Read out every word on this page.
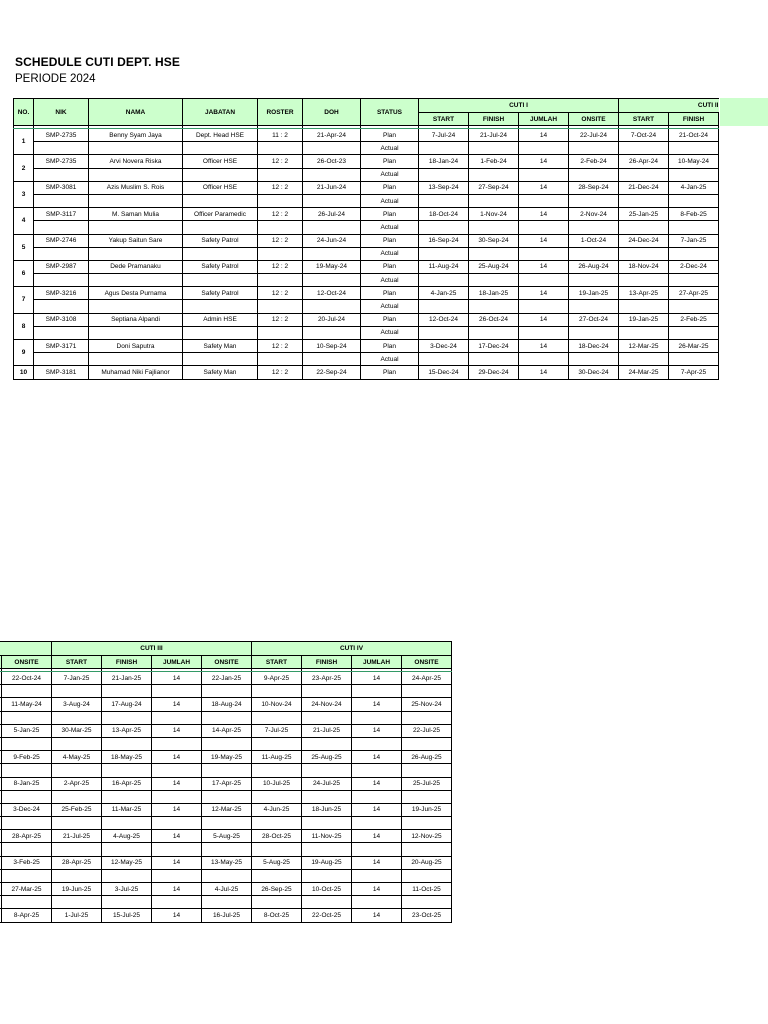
SCHEDULE CUTI DEPT. HSE
PERIODE 2024
NO.	NIK	NAMA	JABATAN	ROSTER	DOH	STATUS	CUTI I				CUTI II	
							START	FINISH	JUMLAH	ONSITE	START	FINISH

1	SMP-2735	Benny Syam Jaya	Dept. Head HSE	11 : 2	21-Apr-24	Plan	7-Jul-24	21-Jul-24	14	22-Jul-24	7-Oct-24	21-Oct-24
						Actual						
2	SMP-2735	Arvi Novera Riska	Officer HSE	12 : 2	26-Oct-23	Plan	18-Jan-24	1-Feb-24	14	2-Feb-24	26-Apr-24	10-May-24
						Actual						
3	SMP-3081	Azis Muslim S. Rois	Officer HSE	12 : 2	21-Jun-24	Plan	13-Sep-24	27-Sep-24	14	28-Sep-24	21-Dec-24	4-Jan-25
						Actual						
4	SMP-3117	M. Saman Mulia	Officer Paramedic	12 : 2	26-Jul-24	Plan	18-Oct-24	1-Nov-24	14	2-Nov-24	25-Jan-25	8-Feb-25
						Actual						
5	SMP-2746	Yakup Saitun Sare	Safety Patrol	12 : 2	24-Jun-24	Plan	16-Sep-24	30-Sep-24	14	1-Oct-24	24-Dec-24	7-Jan-25
						Actual						
6	SMP-2987	Dede Pramanaku	Safety Patrol	12 : 2	19-May-24	Plan	11-Aug-24	25-Aug-24	14	26-Aug-24	18-Nov-24	2-Dec-24
						Actual						
7	SMP-3216	Agus Desta Purnama	Safety Patrol	12 : 2	12-Oct-24	Plan	4-Jan-25	18-Jan-25	14	19-Jan-25	13-Apr-25	27-Apr-25
						Actual						
8	SMP-3108	Septiana Alpandi	Admin HSE	12 : 2	20-Jul-24	Plan	12-Oct-24	26-Oct-24	14	27-Oct-24	19-Jan-25	2-Feb-25
						Actual						
9	SMP-3171	Doni Saputra	Safety Man	12 : 2	10-Sep-24	Plan	3-Dec-24	17-Dec-24	14	18-Dec-24	12-Mar-25	26-Mar-25
						Actual						
10	SMP-3181	Muhamad Niki Fajlianor	Safety Man	12 : 2	22-Sep-24	Plan	15-Dec-24	29-Dec-24	14	30-Dec-24	24-Mar-25	7-Apr-25
	CUTI III				CUTI IV			
	ONSITE	START	FINISH	JUMLAH	ONSITE	START	FINISH	JUMLAH	ONSITE

	22-Oct-24	7-Jan-25	21-Jan-25	14	22-Jan-25	9-Apr-25	23-Apr-25	14	24-Apr-25

	11-May-24	3-Aug-24	17-Aug-24	14	18-Aug-24	10-Nov-24	24-Nov-24	14	25-Nov-24

	5-Jan-25	30-Mar-25	13-Apr-25	14	14-Apr-25	7-Jul-25	21-Jul-25	14	22-Jul-25

	9-Feb-25	4-May-25	18-May-25	14	19-May-25	11-Aug-25	25-Aug-25	14	26-Aug-25

	8-Jan-25	2-Apr-25	16-Apr-25	14	17-Apr-25	10-Jul-25	24-Jul-25	14	25-Jul-25

	3-Dec-24	25-Feb-25	11-Mar-25	14	12-Mar-25	4-Jun-25	18-Jun-25	14	19-Jun-25

	28-Apr-25	21-Jul-25	4-Aug-25	14	5-Aug-25	28-Oct-25	11-Nov-25	14	12-Nov-25

	3-Feb-25	28-Apr-25	12-May-25	14	13-May-25	5-Aug-25	19-Aug-25	14	20-Aug-25

	27-Mar-25	19-Jun-25	3-Jul-25	14	4-Jul-25	26-Sep-25	10-Oct-25	14	11-Oct-25

	8-Apr-25	1-Jul-25	15-Jul-25	14	16-Jul-25	8-Oct-25	22-Oct-25	14	23-Oct-25
